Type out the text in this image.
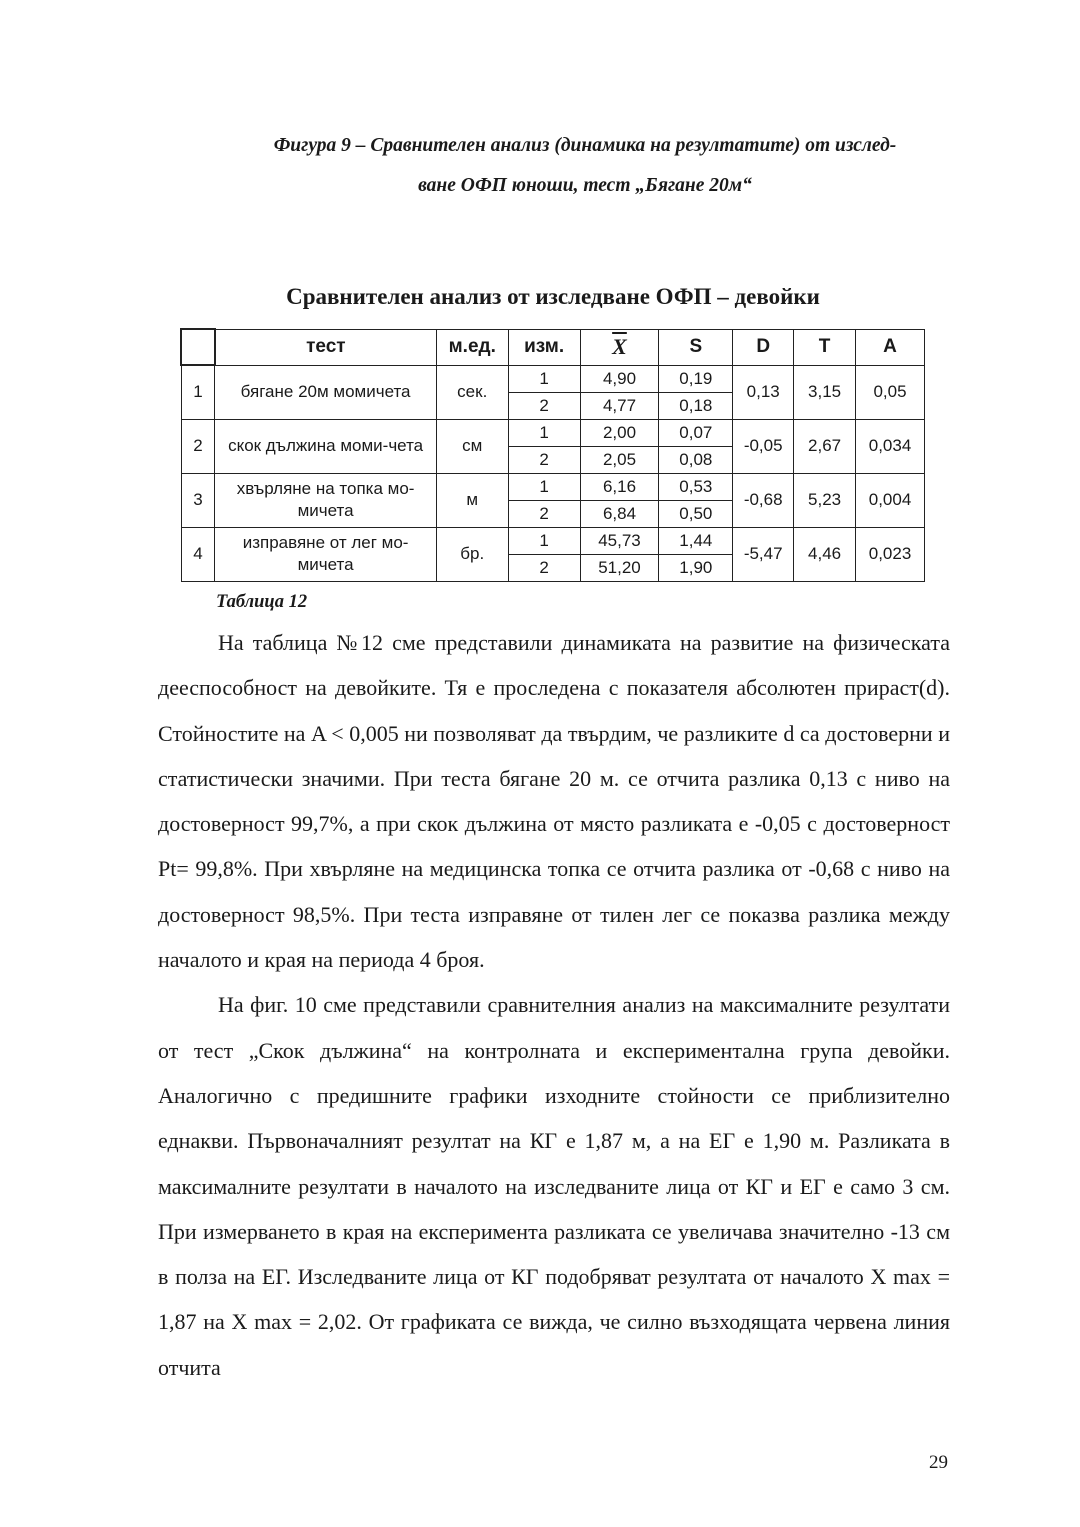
Фигура 9 – Сравнителен анализ (динамика на резултатите) от изслед-
ване ОФП юноши, тест „Бягане 20м“
Сравнителен анализ от изследване ОФП – девойки
	тест	м.ед.	изм.	$\overline{X}$	S	D	T	A
1	бягане 20м момичета	сек.	1	4,90	0,19	0,13	3,15	0,05
			2	4,77	0,18			
2	скок дължина моми-чета	см	1	2,00	0,07	-0,05	2,67	0,034
			2	2,05	0,08			
3	хвърляне на топка мо-мичета	м	1	6,16	0,53	-0,68	5,23	0,004
			2	6,84	0,50			
4	изправяне от лег мо-мичета	бр.	1	45,73	1,44	-5,47	4,46	0,023
			2	51,20	1,90			
Таблица 12

На таблица №12 сме представили динамиката на развитие на физическата дееспособност на девойките. Тя е проследена с показателя абсолютен прираст(d). Стойностите на A < 0,005 ни позволяват да твърдим, че разликите d са достоверни и статистически значими. При теста бягане 20 м. се отчита разлика 0,13 с ниво на достоверност 99,7%, а при скок дължина от място разликата е -0,05 с достоверност Pt= 99,8%. При хвърляне на медицинска топка се отчита разлика от -0,68 с ниво на достоверност 98,5%. При теста изправяне от тилен лег се показва разлика между началото и края на периода 4 броя.

На фиг. 10 сме представили сравнителния анализ на максималните резултати от тест „Скок дължина“ на контролната и експериментална група девойки. Аналогично с предишните графики изходните стойности се приблизително еднакви. Първоначалният резултат на КГ е 1,87 м, а на ЕГ е 1,90 м. Разликата в максималните резултати в началото на изследваните лица от КГ и ЕГ е само 3 см. При измерването в края на експеримента разликата се увеличава значително -13 см в полза на ЕГ. Изследваните лица от КГ подобряват резултата от началото X max = 1,87 на X max = 2,02. От графиката се вижда, че силно възходящата червена линия отчита

29
